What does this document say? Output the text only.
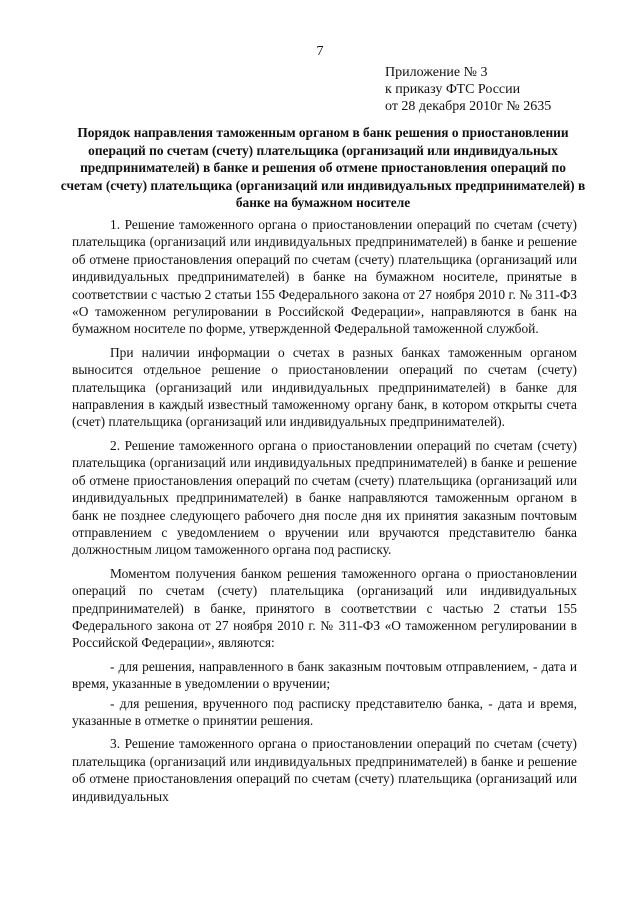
7
Приложение № 3
к приказу ФТС России
от 28 декабря 2010г № 2635
Порядок направления таможенным органом в банк решения о приостановлении операций по счетам (счету) плательщика (организаций или индивидуальных предпринимателей) в банке и решения об отмене приостановления операций по счетам (счету) плательщика (организаций или индивидуальных предпринимателей) в банке на бумажном носителе

1. Решение таможенного органа о приостановлении операций по счетам (счету) плательщика (организаций или индивидуальных предпринимателей) в банке и решение об отмене приостановления операций по счетам (счету) плательщика (организаций или индивидуальных предпринимателей) в банке на бумажном носителе, принятые в соответствии с частью 2 статьи 155 Федерального закона от 27 ноября 2010 г. № 311-ФЗ «О таможенном регулировании в Российской Федерации», направляются в банк на бумажном носителе по форме, утвержденной Федеральной таможенной службой.

При наличии информации о счетах в разных банках таможенным органом выносится отдельное решение о приостановлении операций по счетам (счету) плательщика (организаций или индивидуальных предпринимателей) в банке для направления в каждый известный таможенному органу банк, в котором открыты счета (счет) плательщика (организаций или индивидуальных предпринимателей).

2. Решение таможенного органа о приостановлении операций по счетам (счету) плательщика (организаций или индивидуальных предпринимателей) в банке и решение об отмене приостановления операций по счетам (счету) плательщика (организаций или индивидуальных предпринимателей) в банке направляются таможенным органом в банк не позднее следующего рабочего дня после дня их принятия заказным почтовым отправлением с уведомлением о вручении или вручаются представителю банка должностным лицом таможенного органа под расписку.

Моментом получения банком решения таможенного органа о приостановлении операций по счетам (счету) плательщика (организаций или индивидуальных предпринимателей) в банке, принятого в соответствии с частью 2 статьи 155 Федерального закона от 27 ноября 2010 г. № 311-ФЗ «О таможенном регулировании в Российской Федерации», являются:

- для решения, направленного в банк заказным почтовым отправлением, - дата и время, указанные в уведомлении о вручении;

- для решения, врученного под расписку представителю банка, - дата и время, указанные в отметке о принятии решения.

3. Решение таможенного органа о приостановлении операций по счетам (счету) плательщика (организаций или индивидуальных предпринимателей) в банке и решение об отмене приостановления операций по счетам (счету) плательщика (организаций или индивидуальных
